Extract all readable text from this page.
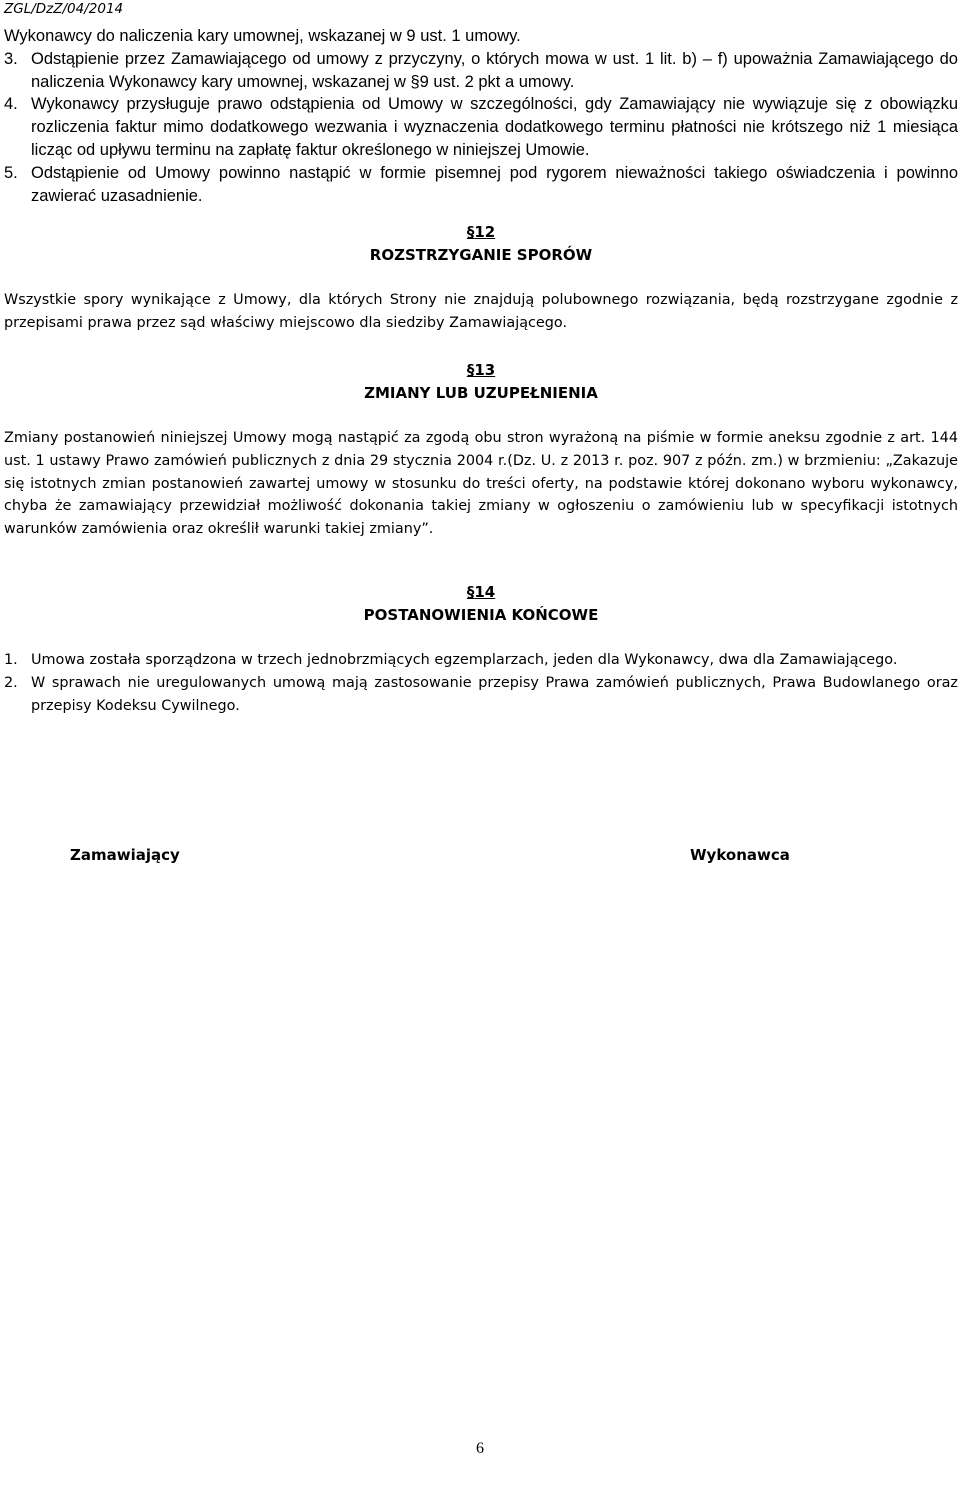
ZGL/DzZ/04/2014

Wykonawcy do naliczenia kary umownej, wskazanej w 9 ust. 1 umowy.

3. Odstąpienie przez Zamawiającego od umowy z przyczyny, o których mowa w ust. 1 lit. b) – f) upoważnia Zamawiającego do naliczenia Wykonawcy kary umownej, wskazanej w §9 ust. 2 pkt a umowy.
4. Wykonawcy przysługuje prawo odstąpienia od Umowy w szczególności, gdy Zamawiający nie wywiązuje się z obowiązku rozliczenia faktur mimo dodatkowego wezwania i wyznaczenia dodatkowego terminu płatności nie krótszego niż 1 miesiąca licząc od upływu terminu na zapłatę faktur określonego w niniejszej Umowie.
5. Odstąpienie od Umowy powinno nastąpić w formie pisemnej pod rygorem nieważności takiego oświadczenia i powinno zawierać uzasadnienie.
§12
ROZSTRZYGANIE SPORÓW

Wszystkie spory wynikające z Umowy, dla których Strony nie znajdują polubownego rozwiązania, będą rozstrzygane zgodnie z przepisami prawa przez sąd właściwy miejscowo dla siedziby Zamawiającego.

§13
ZMIANY LUB UZUPEŁNIENIA

Zmiany postanowień niniejszej Umowy mogą nastąpić za zgodą obu stron wyrażoną na piśmie w formie aneksu zgodnie z art. 144 ust. 1 ustawy Prawo zamówień publicznych z dnia 29 stycznia 2004 r.(Dz. U. z 2013 r. poz. 907 z późn. zm.) w brzmieniu: „Zakazuje się istotnych zmian postanowień zawartej umowy w stosunku do treści oferty, na podstawie której dokonano wyboru wykonawcy, chyba że zamawiający przewidział możliwość dokonania takiej zmiany w ogłoszeniu o zamówieniu lub w specyfikacji istotnych warunków zamówienia oraz określił warunki takiej zmiany”.

§14
POSTANOWIENIA KOŃCOWE
1. Umowa została sporządzona w trzech jednobrzmiących egzemplarzach, jeden dla Wykonawcy, dwa dla Zamawiającego.
2. W sprawach nie uregulowanych umową mają zastosowanie przepisy Prawa zamówień publicznych, Prawa Budowlanego oraz przepisy Kodeksu Cywilnego.
Zamawiający	Wykonawca
6
